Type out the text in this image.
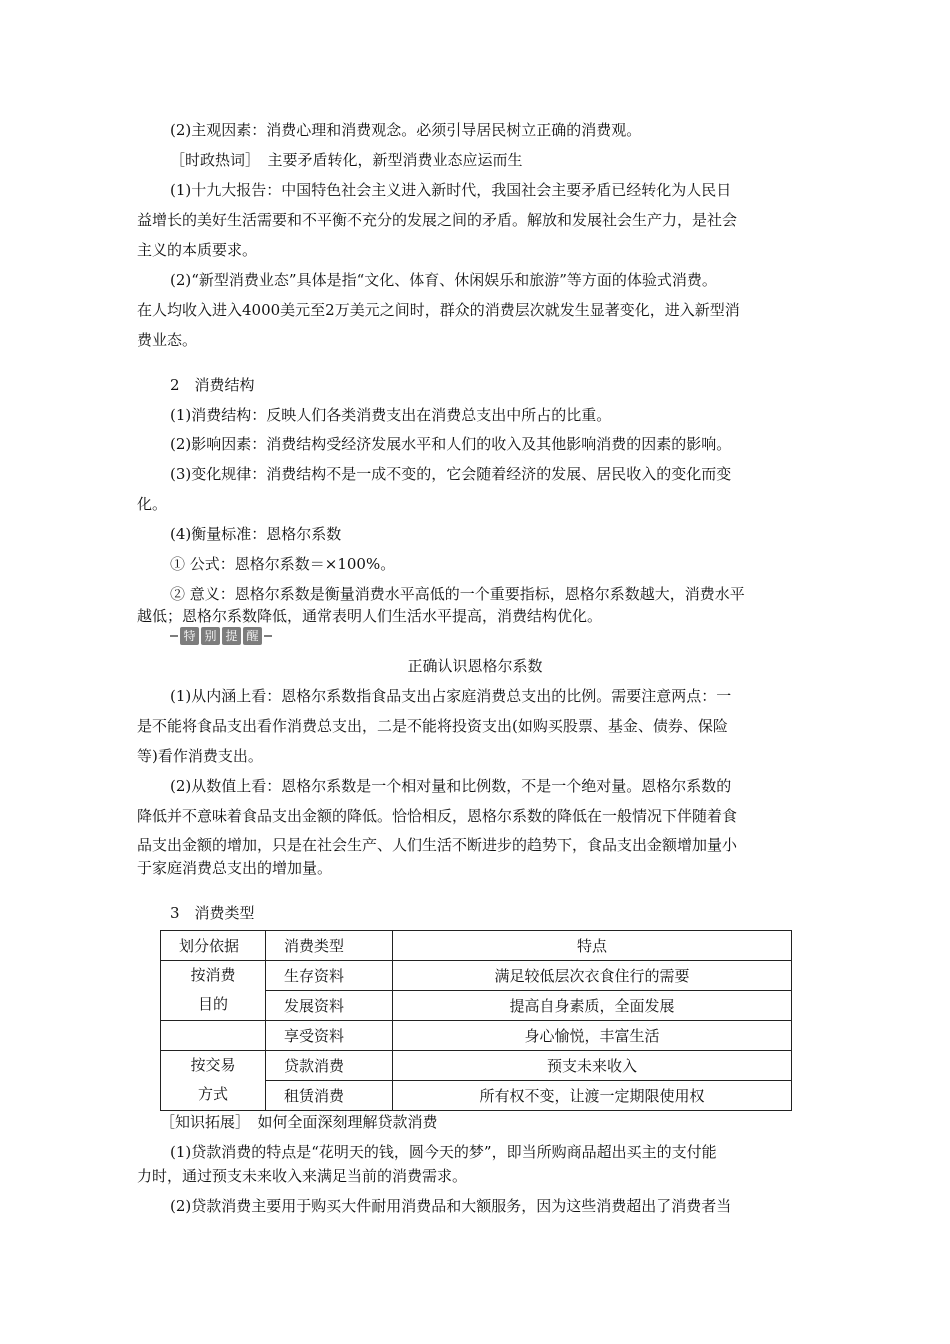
(2)主观因素：消费心理和消费观念。必须引导居民树立正确的消费观。
［时政热词］　主要矛盾转化，新型消费业态应运而生
(1)十九大报告：中国特色社会主义进入新时代，我国社会主要矛盾已经转化为人民日
益增长的美好生活需要和不平衡不充分的发展之间的矛盾。解放和发展社会生产力，是社会
主义的本质要求。
(2)“新型消费业态”具体是指“文化、体育、休闲娱乐和旅游”等方面的体验式消费。
在人均收入进入4000美元至2万美元之间时，群众的消费层次就发生显著变化，进入新型消
费业态。
2　消费结构
(1)消费结构：反映人们各类消费支出在消费总支出中所占的比重。
(2)影响因素：消费结构受经济发展水平和人们的收入及其他影响消费的因素的影响。
(3)变化规律：消费结构不是一成不变的，它会随着经济的发展、居民收入的变化而变
化。
(4)衡量标准：恩格尔系数
① 公式：恩格尔系数＝×100%。
② 意义：恩格尔系数是衡量消费水平高低的一个重要指标，恩格尔系数越大，消费水平
越低；恩格尔系数降低，通常表明人们生活水平提高，消费结构优化。
特 别 提 醒
正确认识恩格尔系数
(1)从内涵上看：恩格尔系数指食品支出占家庭消费总支出的比例。需要注意两点：一
是不能将食品支出看作消费总支出，二是不能将投资支出(如购买股票、基金、债券、保险
等)看作消费支出。
(2)从数值上看：恩格尔系数是一个相对量和比例数，不是一个绝对量。恩格尔系数的
降低并不意味着食品支出金额的降低。恰恰相反，恩格尔系数的降低在一般情况下伴随着食
品支出金额的增加，只是在社会生产、人们生活不断进步的趋势下，食品支出金额增加量小
于家庭消费总支出的增加量。
3　消费类型
划分依据	消费类型	特点

按消费
目的	生存资料	满足较低层次衣食住行的需要
	发展资料	提高自身素质，全面发展
	享受资料	身心愉悦，丰富生活

按交易
方式	贷款消费	预支未来收入
	租赁消费	所有权不变，让渡一定期限使用权
［知识拓展］　如何全面深刻理解贷款消费
(1)贷款消费的特点是“花明天的钱，圆今天的梦”，即当所购商品超出买主的支付能
力时，通过预支未来收入来满足当前的消费需求。
(2)贷款消费主要用于购买大件耐用消费品和大额服务，因为这些消费超出了消费者当
